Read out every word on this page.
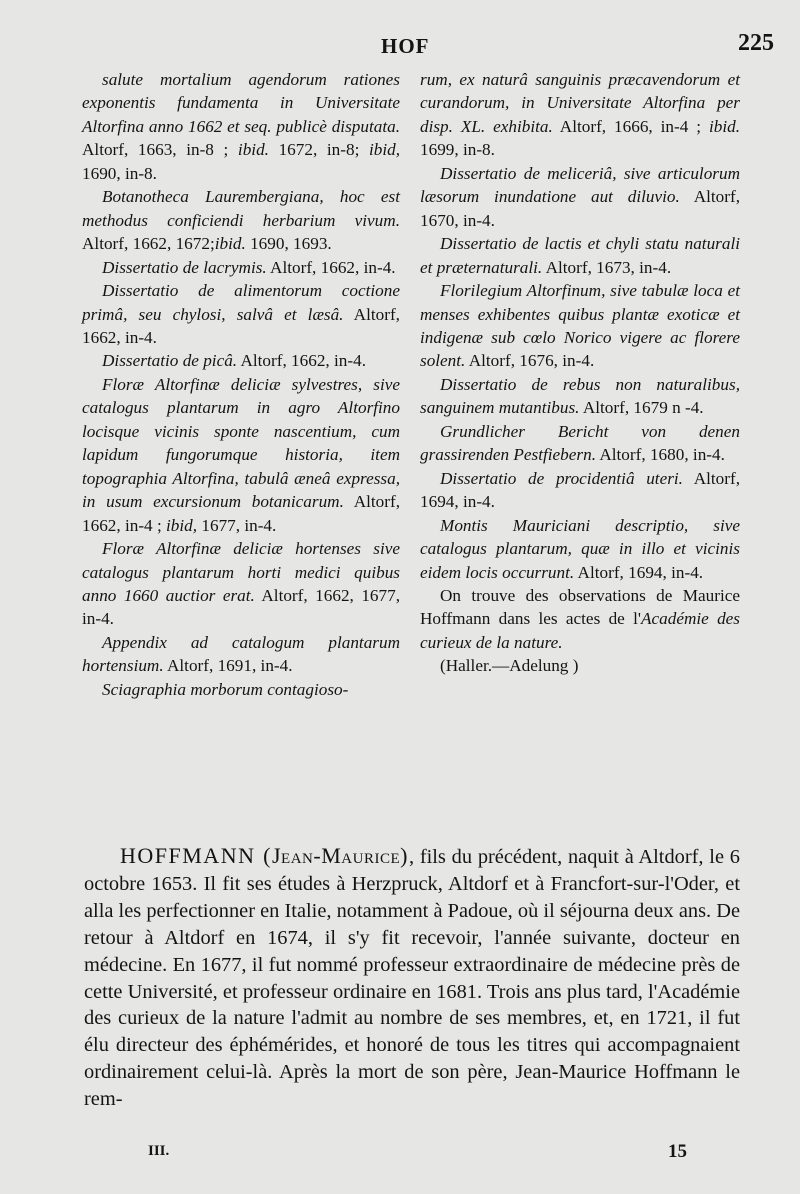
HOF	225

salute mortalium agendorum rationes exponentis fundamenta in Universitate Altorfina anno 1662 et seq. publicè disputata. Altorf, 1663, in-8 ; ibid. 1672, in-8; ibid, 1690, in-8.

Botanotheca Laurembergiana, hoc est methodus conficiendi herbarium vivum. Altorf, 1662, 1672;ibid. 1690, 1693.

Dissertatio de lacrymis. Altorf, 1662, in-4.

Dissertatio de alimentorum coctione primâ, seu chylosi, salvâ et læsâ. Altorf, 1662, in-4.

Dissertatio de picâ. Altorf, 1662, in-4.

Floræ Altorfinæ deliciæ sylvestres, sive catalogus plantarum in agro Altorfino locisque vicinis sponte nascentium, cum lapidum fungorumque historia, item topographia Altorfina, tabulâ æneâ expressa, in usum excursionum botanicarum. Altorf, 1662, in-4 ; ibid, 1677, in-4.

Floræ Altorfinæ deliciæ hortenses sive catalogus plantarum horti medici quibus anno 1660 auctior erat. Altorf, 1662, 1677, in-4.

Appendix ad catalogum plantarum hortensium. Altorf, 1691, in-4.

Sciagraphia morborum contagioso-

rum, ex naturâ sanguinis præcavendorum et curandorum, in Universitate Altorfina per disp. XL. exhibita. Altorf, 1666, in-4 ; ibid. 1699, in-8.

Dissertatio de meliceriâ, sive articulorum læsorum inundatione aut diluvio. Altorf, 1670, in-4.

Dissertatio de lactis et chyli statu naturali et præternaturali. Altorf, 1673, in-4.

Florilegium Altorfinum, sive tabulæ loca et menses exhibentes quibus plantæ exoticæ et indigenæ sub cœlo Norico vigere ac florere solent. Altorf, 1676, in-4.

Dissertatio de rebus non naturalibus, sanguinem mutantibus. Altorf, 1679 n -4.

Grundlicher Bericht von denen grassirenden Pestfiebern. Altorf, 1680, in-4.

Dissertatio de procidentiâ uteri. Altorf, 1694, in-4.

Montis Mauriciani descriptio, sive catalogus plantarum, quæ in illo et vicinis eidem locis occurrunt. Altorf, 1694, in-4.

On trouve des observations de Maurice Hoffmann dans les actes de l'Académie des curieux de la nature.

(Haller.—Adelung )

HOFFMANN (Jean-Maurice), fils du précédent, naquit à Altdorf, le 6 octobre 1653. Il fit ses études à Herzpruck, Altdorf et à Francfort-sur-l'Oder, et alla les perfectionner en Italie, notamment à Padoue, où il séjourna deux ans. De retour à Altdorf en 1674, il s'y fit recevoir, l'année suivante, docteur en médecine. En 1677, il fut nommé professeur extraordinaire de médecine près de cette Université, et professeur ordinaire en 1681. Trois ans plus tard, l'Académie des curieux de la nature l'admit au nombre de ses membres, et, en 1721, il fut élu directeur des éphémérides, et honoré de tous les titres qui accompagnaient ordinairement celui-là. Après la mort de son père, Jean-Maurice Hoffmann le rem-
III.	15
